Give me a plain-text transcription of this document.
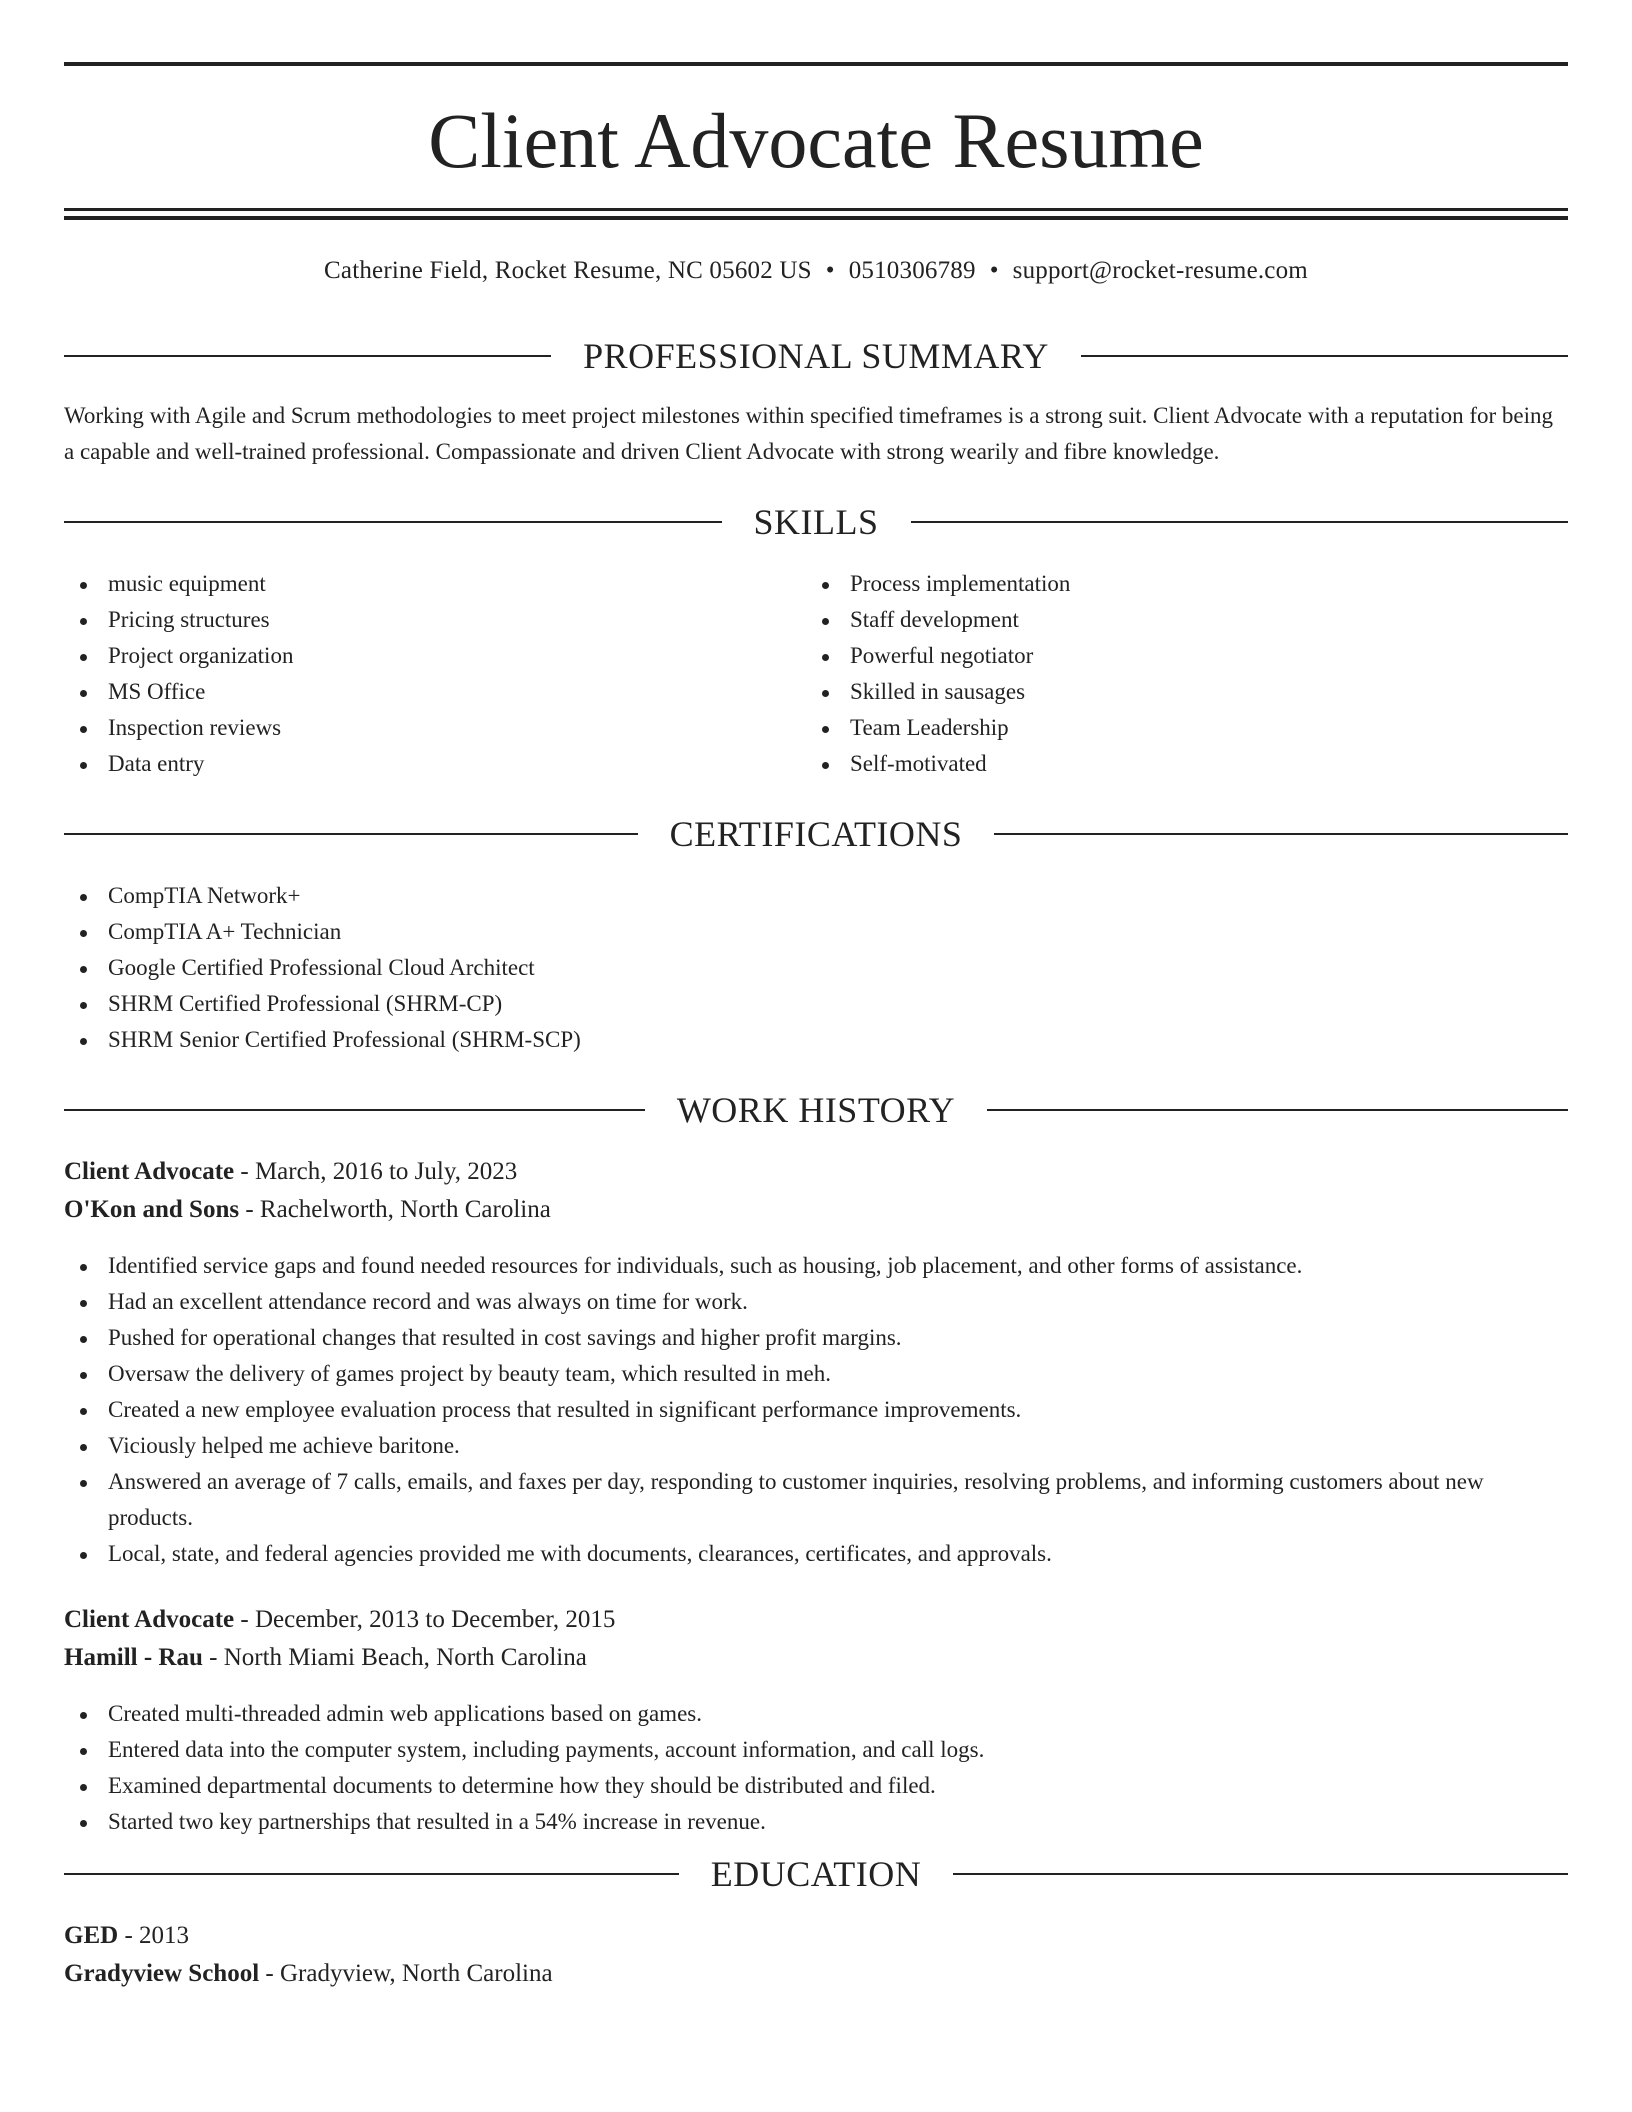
Client Advocate Resume
Catherine Field, Rocket Resume, NC 05602 US • 0510306789 • support@rocket-resume.com
PROFESSIONAL SUMMARY

Working with Agile and Scrum methodologies to meet project milestones within specified timeframes is a strong suit. Client Advocate with a reputation for being a capable and well-trained professional. Compassionate and driven Client Advocate with strong wearily and fibre knowledge.

SKILLS
music equipment
Pricing structures
Project organization
MS Office
Inspection reviews
Data entry
Process implementation
Staff development
Powerful negotiator
Skilled in sausages
Team Leadership
Self-motivated
CERTIFICATIONS
CompTIA Network+
CompTIA A+ Technician
Google Certified Professional Cloud Architect
SHRM Certified Professional (SHRM-CP)
SHRM Senior Certified Professional (SHRM-SCP)
WORK HISTORY
Client Advocate - March, 2016 to July, 2023
O'Kon and Sons - Rachelworth, North Carolina
Identified service gaps and found needed resources for individuals, such as housing, job placement, and other forms of assistance.
Had an excellent attendance record and was always on time for work.
Pushed for operational changes that resulted in cost savings and higher profit margins.
Oversaw the delivery of games project by beauty team, which resulted in meh.
Created a new employee evaluation process that resulted in significant performance improvements.
Viciously helped me achieve baritone.
Answered an average of 7 calls, emails, and faxes per day, responding to customer inquiries, resolving problems, and informing customers about new products.
Local, state, and federal agencies provided me with documents, clearances, certificates, and approvals.
Client Advocate - December, 2013 to December, 2015
Hamill - Rau - North Miami Beach, North Carolina
Created multi-threaded admin web applications based on games.
Entered data into the computer system, including payments, account information, and call logs.
Examined departmental documents to determine how they should be distributed and filed.
Started two key partnerships that resulted in a 54% increase in revenue.
EDUCATION
GED - 2013
Gradyview School - Gradyview, North Carolina
